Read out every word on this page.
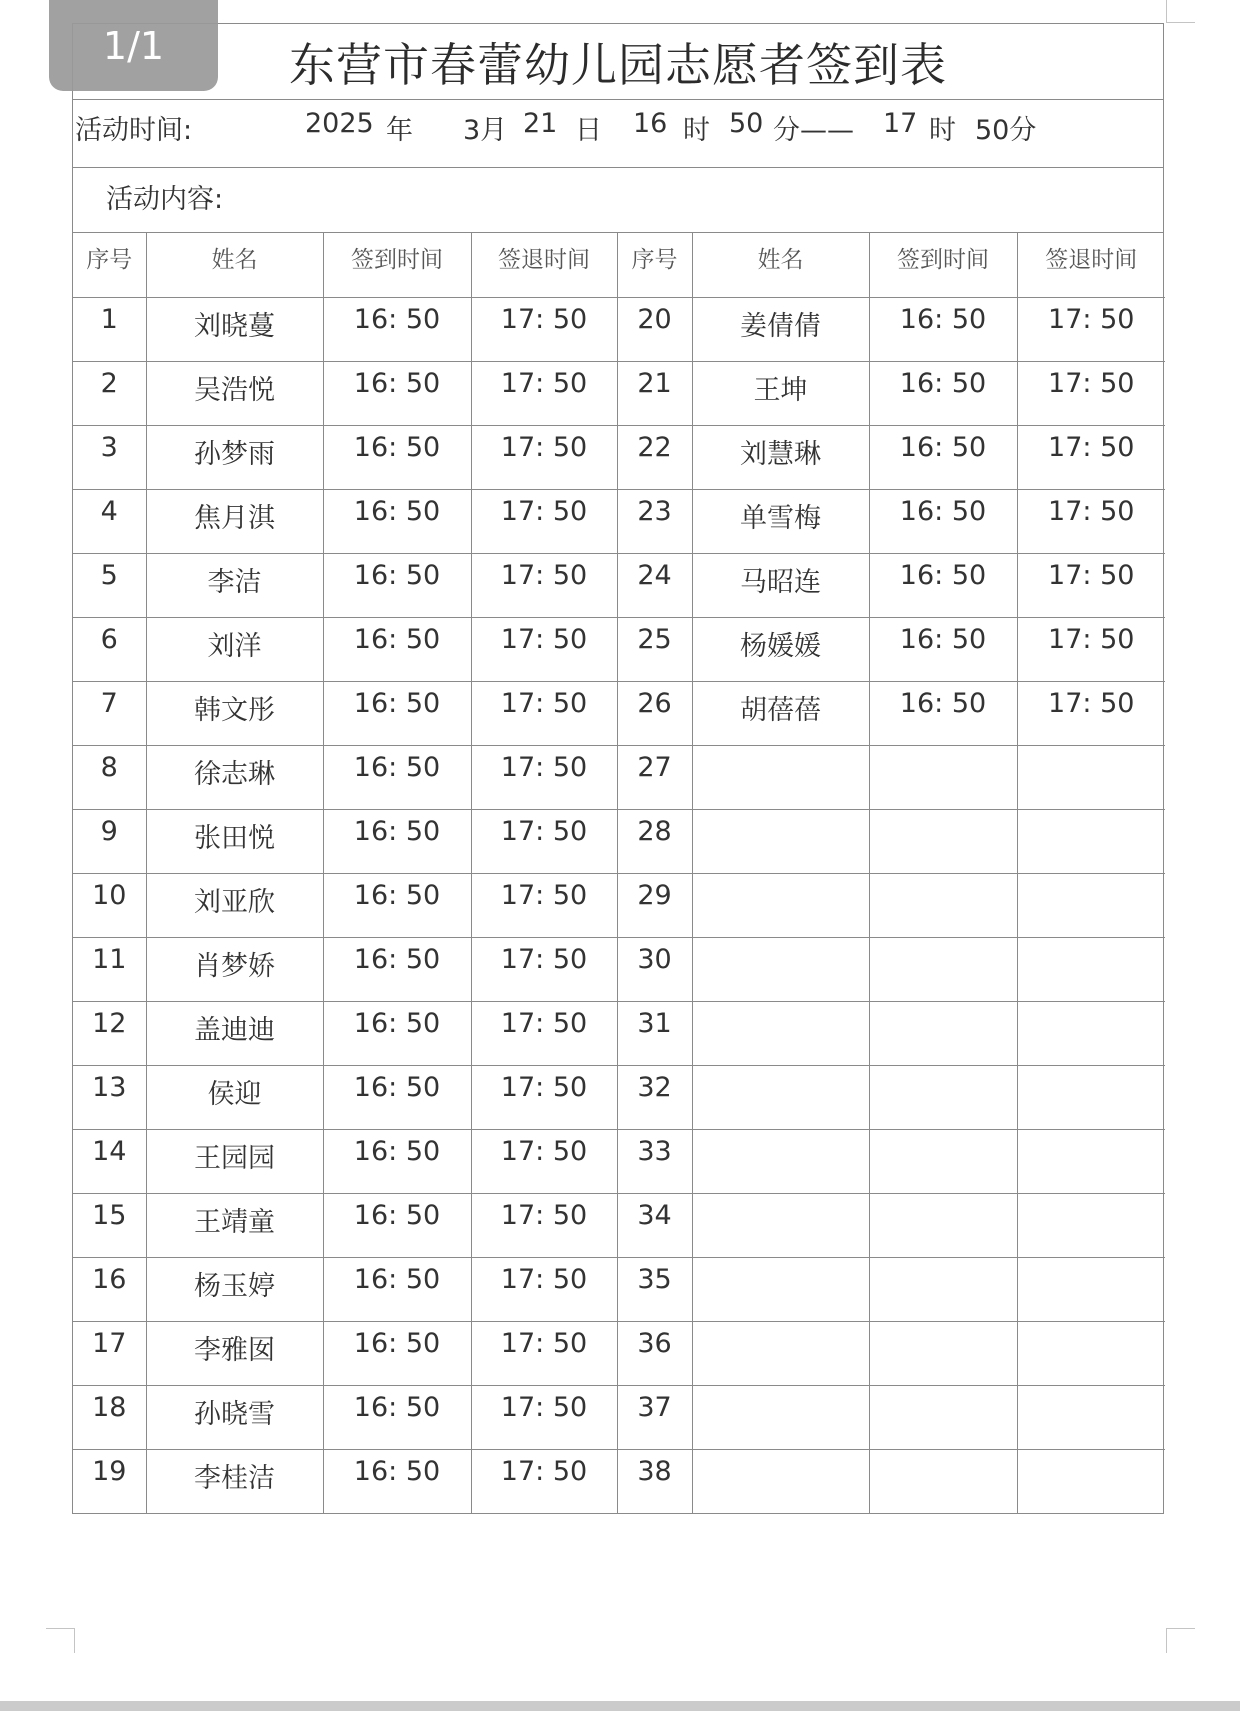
东营市春蕾幼儿园志愿者签到表
活动时间:	2025 年 3月 21 日 16 时 50 分—— 17 时 50分
活动内容:
序号	姓名	签到时间	签退时间	序号	姓名	签到时间	签退时间
1	刘晓蔓	16: 50	17: 50	20	姜倩倩	16: 50	17: 50
2	吴浩悦	16: 50	17: 50	21	王坤	16: 50	17: 50
3	孙梦雨	16: 50	17: 50	22	刘慧琳	16: 50	17: 50
4	焦月淇	16: 50	17: 50	23	单雪梅	16: 50	17: 50
5	李洁	16: 50	17: 50	24	马昭连	16: 50	17: 50
6	刘洋	16: 50	17: 50	25	杨媛媛	16: 50	17: 50
7	韩文彤	16: 50	17: 50	26	胡蓓蓓	16: 50	17: 50
8	徐志琳	16: 50	17: 50	27			
9	张田悦	16: 50	17: 50	28			
10	刘亚欣	16: 50	17: 50	29			
11	肖梦娇	16: 50	17: 50	30			
12	盖迪迪	16: 50	17: 50	31			
13	侯迎	16: 50	17: 50	32			
14	王园园	16: 50	17: 50	33			
15	王靖童	16: 50	17: 50	34			
16	杨玉婷	16: 50	17: 50	35			
17	李雅囡	16: 50	17: 50	36			
18	孙晓雪	16: 50	17: 50	37			
19	李桂洁	16: 50	17: 50	38			
1/1
